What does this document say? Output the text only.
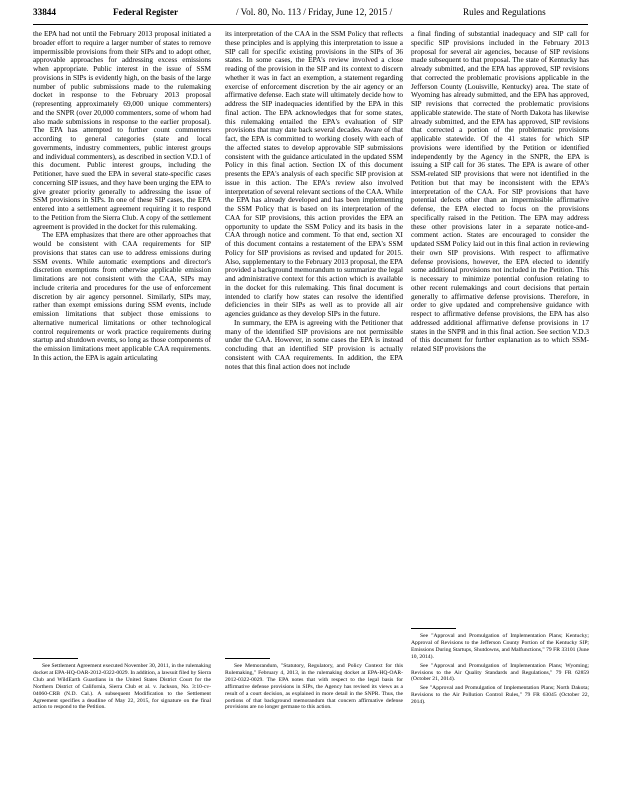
33844	Federal Register	/ Vol. 80, No. 113 / Friday, June 12, 2015 /	Rules and Regulations

the EPA had not until the February 2013 proposal initiated a broader effort to require a larger number of states to remove impermissible provisions from their SIPs and to adopt other, approvable approaches for addressing excess emissions when appropriate. Public interest in the issue of SSM provisions in SIPs is evidently high, on the basis of the large number of public submissions made to the rulemaking docket in response to the February 2013 proposal (representing approximately 69,000 unique commenters) and the SNPR (over 20,000 commenters, some of whom had also made submissions in response to the earlier proposal). The EPA has attempted to further count commenters according to general categories (state and local governments, industry commenters, public interest groups and individual commenters), as described in section V.D.1 of this document. Public interest groups, including the Petitioner, have sued the EPA in several state-specific cases concerning SIP issues, and they have been urging the EPA to give greater priority generally to addressing the issue of SSM provisions in SIPs. In one of these SIP cases, the EPA entered into a settlement agreement requiring it to respond to the Petition from the Sierra Club. A copy of the settlement agreement is provided in the docket for this rulemaking.

The EPA emphasizes that there are other approaches that would be consistent with CAA requirements for SIP provisions that states can use to address emissions during SSM events. While automatic exemptions and director's discretion exemptions from otherwise applicable emission limitations are not consistent with the CAA, SIPs may include criteria and procedures for the use of enforcement discretion by air agency personnel. Similarly, SIPs may, rather than exempt emissions during SSM events, include emission limitations that subject those emissions to alternative numerical limitations or other technological control requirements or work practice requirements during startup and shutdown events, so long as those components of the emission limitations meet applicable CAA requirements. In this action, the EPA is again articulating

See Settlement Agreement executed November 30, 2011, in the rulemaking docket at EPA-HQ-OAR-2012-0322-0029. In addition, a lawsuit filed by Sierra Club and WildEarth Guardians in the United States District Court for the Northern District of California, Sierra Club et al. v. Jackson, No. 3:10-cv-04060-CRB (N.D. Cal.). A subsequent Modification to the Settlement Agreement specifies a deadline of May 22, 2015, for signature on the final action to respond to the Petition.

its interpretation of the CAA in the SSM Policy that reflects these principles and is applying this interpretation to issue a SIP call for specific existing provisions in the SIPs of 36 states. In some cases, the EPA's review involved a close reading of the provision in the SIP and its context to discern whether it was in fact an exemption, a statement regarding exercise of enforcement discretion by the air agency or an affirmative defense. Each state will ultimately decide how to address the SIP inadequacies identified by the EPA in this final action. The EPA acknowledges that for some states, this rulemaking entailed the EPA's evaluation of SIP provisions that may date back several decades. Aware of that fact, the EPA is committed to working closely with each of the affected states to develop approvable SIP submissions consistent with the guidance articulated in the updated SSM Policy in this final action. Section IX of this document presents the EPA's analysis of each specific SIP provision at issue in this action. The EPA's review also involved interpretation of several relevant sections of the CAA. While the EPA has already developed and has been implementing the SSM Policy that is based on its interpretation of the CAA for SIP provisions, this action provides the EPA an opportunity to update the SSM Policy and its basis in the CAA through notice and comment. To that end, section XI of this document contains a restatement of the EPA's SSM Policy for SIP provisions as revised and updated for 2015. Also, supplementary to the February 2013 proposal, the EPA provided a background memorandum to summarize the legal and administrative context for this action which is available in the docket for this rulemaking. This final document is intended to clarify how states can resolve the identified deficiencies in their SIPs as well as to provide all air agencies guidance as they develop SIPs in the future.

In summary, the EPA is agreeing with the Petitioner that many of the identified SIP provisions are not permissible under the CAA. However, in some cases the EPA is instead concluding that an identified SIP provision is actually consistent with CAA requirements. In addition, the EPA notes that this final action does not include

See Memorandum, "Statutory, Regulatory, and Policy Context for this Rulemaking," February 4, 2013, in the rulemaking docket at EPA-HQ-OAR-2012-0322-0029. The EPA notes that with respect to the legal basis for affirmative defense provisions in SIPs, the Agency has revised its views as a result of a court decision, as explained in more detail in the SNPR. Thus, the portions of that background memorandum that concern affirmative defense provisions are no longer germane to this action.

a final finding of substantial inadequacy and SIP call for specific SIP provisions included in the February 2013 proposal for several air agencies, because of SIP revisions made subsequent to that proposal. The state of Kentucky has already submitted, and the EPA has approved, SIP revisions that corrected the problematic provisions applicable in the Jefferson County (Louisville, Kentucky) area. The state of Wyoming has already submitted, and the EPA has approved, SIP revisions that corrected the problematic provisions applicable statewide. The state of North Dakota has likewise already submitted, and the EPA has approved, SIP revisions that corrected a portion of the problematic provisions applicable statewide. Of the 41 states for which SIP provisions were identified by the Petition or identified independently by the Agency in the SNPR, the EPA is issuing a SIP call for 36 states. The EPA is aware of other SSM-related SIP provisions that were not identified in the Petition but that may be inconsistent with the EPA's interpretation of the CAA. For SIP provisions that have potential defects other than an impermissible affirmative defense, the EPA elected to focus on the provisions specifically raised in the Petition. The EPA may address these other provisions later in a separate notice-and-comment action. States are encouraged to consider the updated SSM Policy laid out in this final action in reviewing their own SIP provisions. With respect to affirmative defense provisions, however, the EPA elected to identify some additional provisions not included in the Petition. This is necessary to minimize potential confusion relating to other recent rulemakings and court decisions that pertain generally to affirmative defense provisions. Therefore, in order to give updated and comprehensive guidance with respect to affirmative defense provisions, the EPA has also addressed additional affirmative defense provisions in 17 states in the SNPR and in this final action. See section V.D.3 of this document for further explanation as to which SSM-related SIP provisions the

See "Approval and Promulgation of Implementation Plans; Kentucky; Approval of Revisions to the Jefferson County Portion of the Kentucky SIP; Emissions During Startups, Shutdowns, and Malfunctions," 79 FR 33101 (June 10, 2014).

See "Approval and Promulgation of Implementation Plans; Wyoming; Revisions to the Air Quality Standards and Regulations," 79 FR 62859 (October 21, 2014).

See "Approval and Promulgation of Implementation Plans; North Dakota; Revisions to the Air Pollution Control Rules," 79 FR 63045 (October 22, 2014).
